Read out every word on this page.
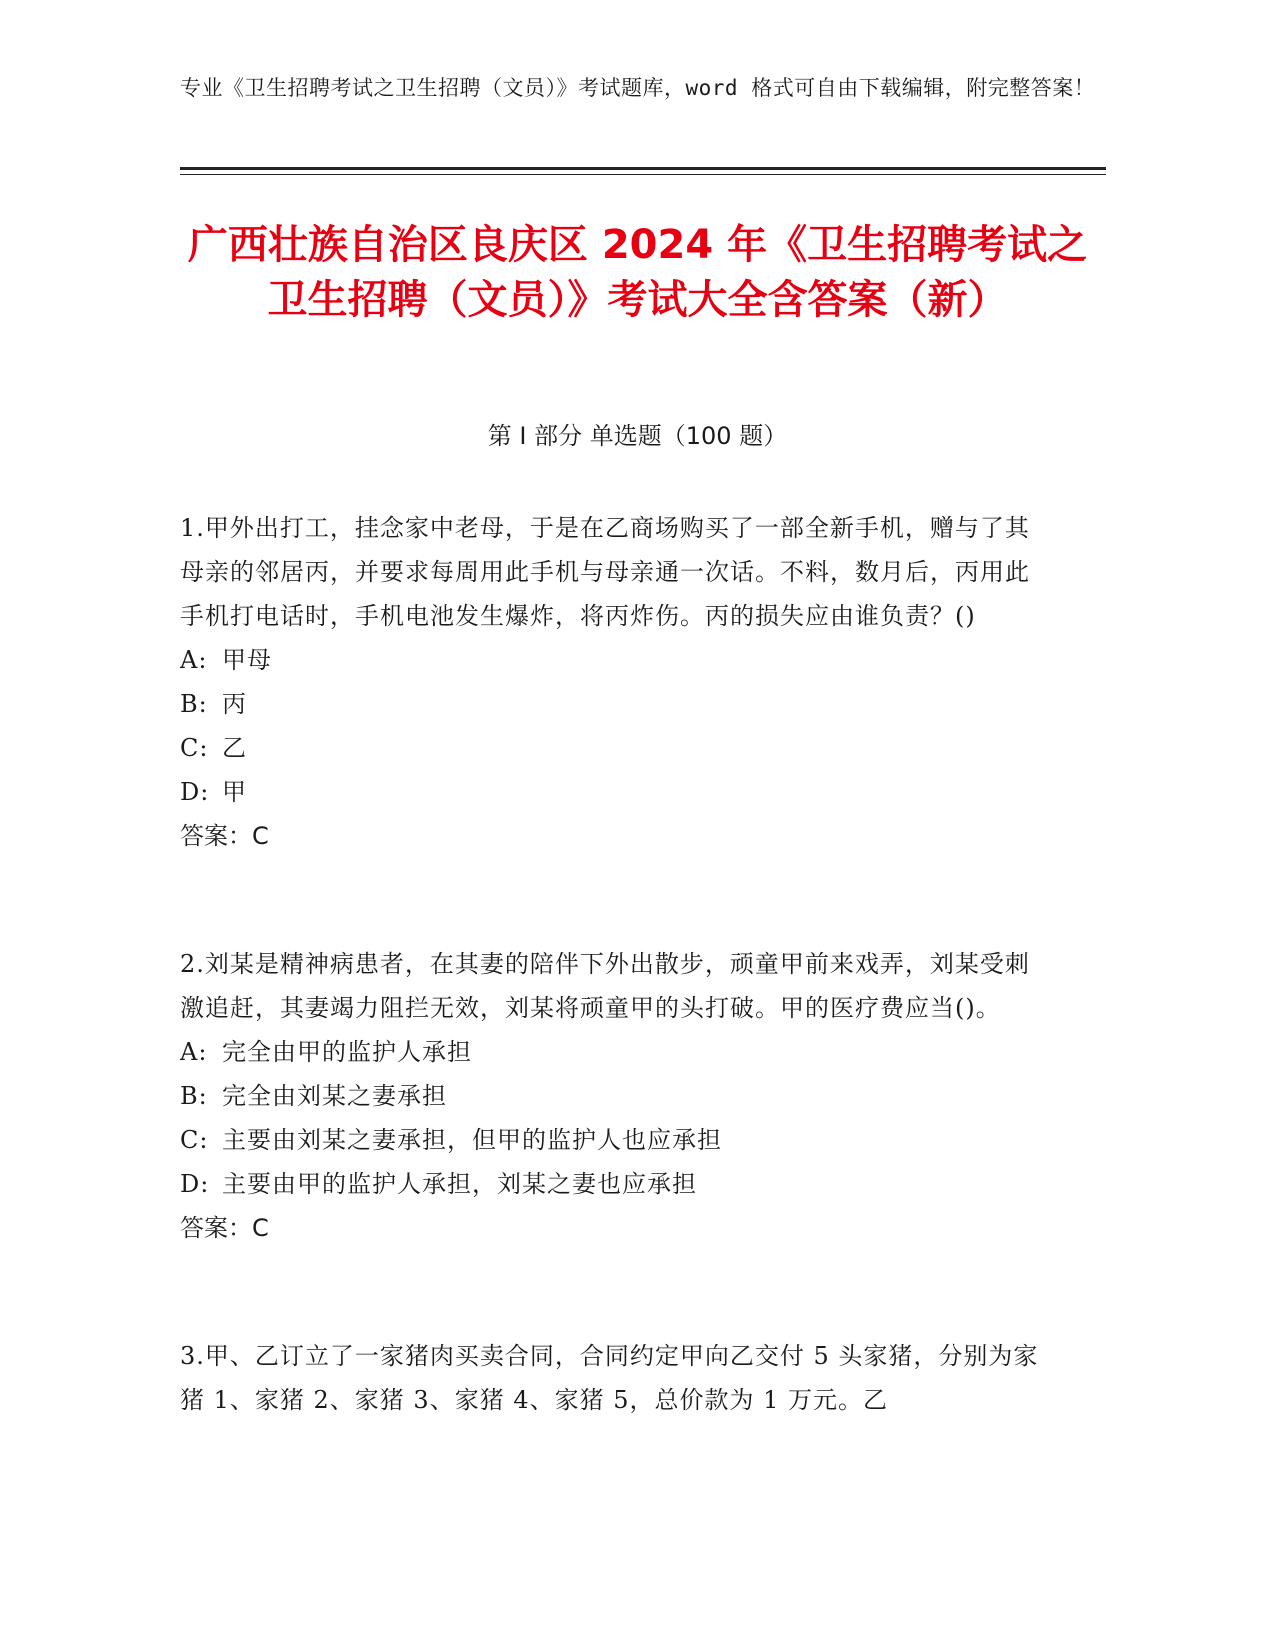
专业《卫生招聘考试之卫生招聘（文员）》考试题库，word 格式可自由下载编辑，附完整答案！
广西壮族自治区良庆区 2024 年《卫生招聘考试之卫生招聘（文员）》考试大全含答案（新）
第 I 部分 单选题（100 题）

1.甲外出打工，挂念家中老母，于是在乙商场购买了一部全新手机，赠与了其母亲的邻居丙，并要求每周用此手机与母亲通一次话。不料，数月后，丙用此手机打电话时，手机电池发生爆炸，将丙炸伤。丙的损失应由谁负责？()

A: 甲母

B: 丙

C: 乙

D: 甲

答案：C

2.刘某是精神病患者，在其妻的陪伴下外出散步，顽童甲前来戏弄，刘某受刺激追赶，其妻竭力阻拦无效，刘某将顽童甲的头打破。甲的医疗费应当()。

A: 完全由甲的监护人承担

B: 完全由刘某之妻承担

C: 主要由刘某之妻承担，但甲的监护人也应承担

D: 主要由甲的监护人承担，刘某之妻也应承担

答案：C

3.甲、乙订立了一家猪肉买卖合同，合同约定甲向乙交付 5 头家猪，分别为家猪 1、家猪 2、家猪 3、家猪 4、家猪 5，总价款为 1 万元。乙
